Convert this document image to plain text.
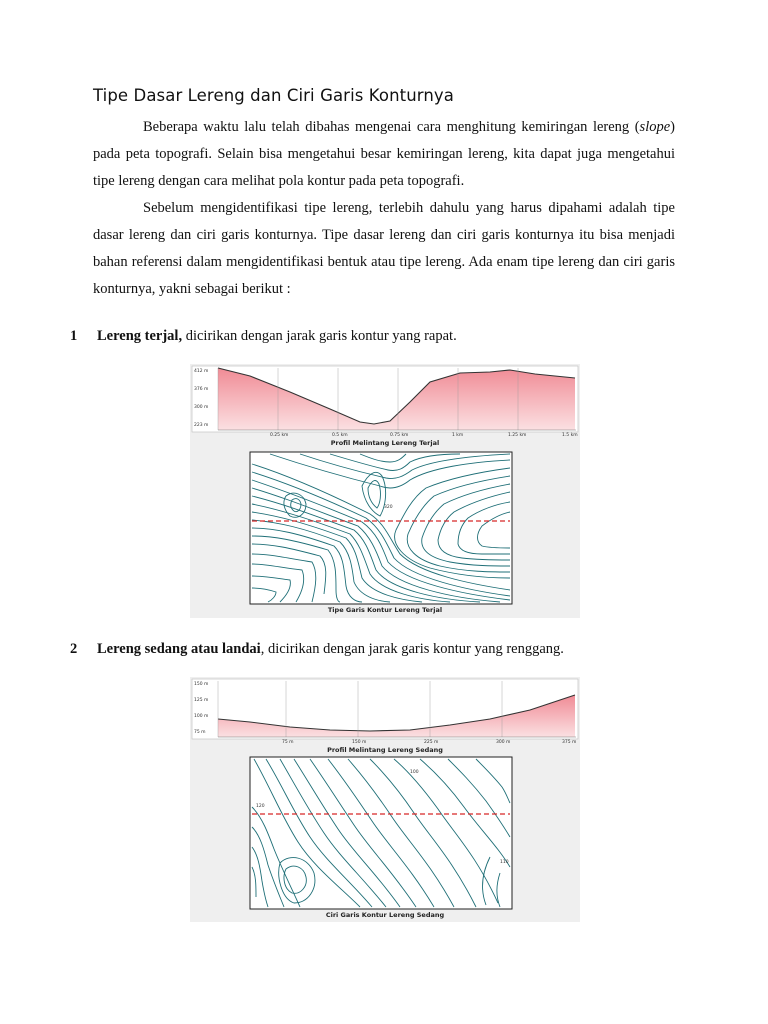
Tipe Dasar Lereng dan Ciri Garis Konturnya

Beberapa waktu lalu telah dibahas mengenai cara menghitung kemiringan lereng (slope) pada peta topografi. Selain bisa mengetahui besar kemiringan lereng, kita dapat juga mengetahui tipe lereng dengan cara melihat pola kontur pada peta topografi.

Sebelum mengidentifikasi tipe lereng, terlebih dahulu yang harus dipahami adalah tipe dasar lereng dan ciri garis konturnya. Tipe dasar lereng dan ciri garis konturnya itu bisa menjadi bahan referensi dalam mengidentifikasi bentuk atau tipe lereng. Ada enam tipe lereng dan ciri garis konturnya, yakni sebagai berikut :

1 Lereng terjal, dicirikan dengan jarak garis kontur yang rapat.

412 m
376 m
300 m
223 m
0.25 km	0.5 km	0.75 km	1 km	1.25 km	1.5 km
320
Profil Melintang Lereng Terjal
Tipe Garis Kontur Lereng Terjal

2 Lereng sedang atau landai, dicirikan dengan jarak garis kontur yang renggang.

150 m
125 m
100 m
75 m
75 m	150 m	225 m	300 m	375 m
100
120
110
Profil Melintang Lereng Sedang
Ciri Garis Kontur Lereng Sedang
